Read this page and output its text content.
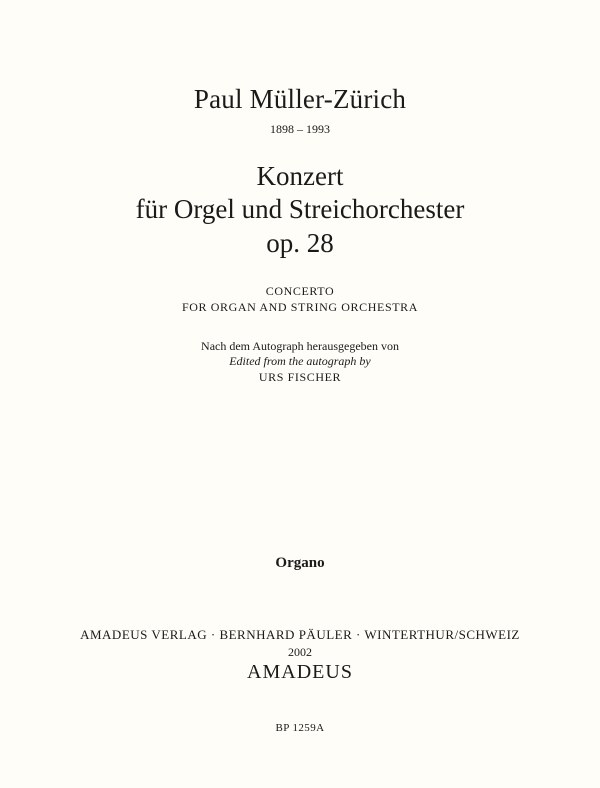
Paul Müller-Zürich
1898 – 1993
Konzert
für Orgel und Streichorchester
op. 28
CONCERTO
FOR ORGAN AND STRING ORCHESTRA
Nach dem Autograph herausgegeben von
Edited from the autograph by
URS FISCHER
Organo
AMADEUS VERLAG · BERNHARD PÄULER · WINTERTHUR/SCHWEIZ
2002
AMADEUS
BP 1259A
